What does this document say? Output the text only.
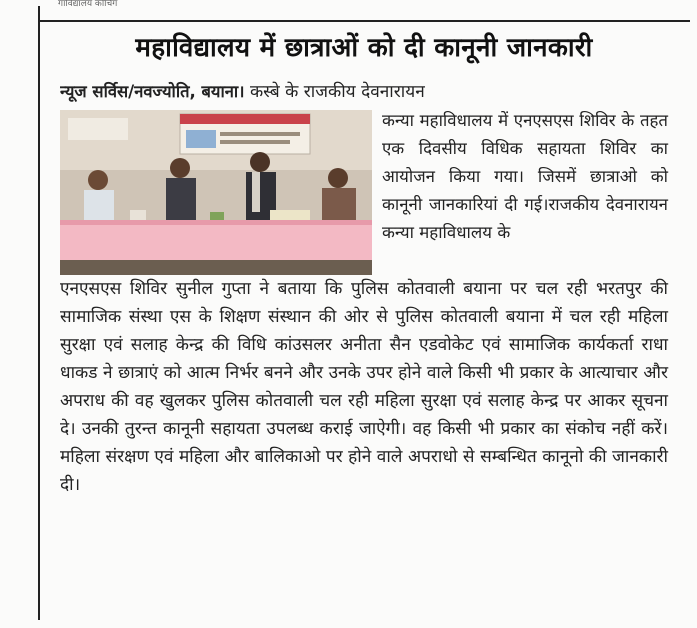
गाविद्यालय कोचिंग
महाविद्यालय में छात्राओं को दी कानूनी जानकारी
न्यूज सर्विस/नवज्योति, बयाना। कस्बे के राजकीय देवनारायन
कन्या महाविधालय में एनएसएस शिविर के तहत एक दिवसीय विधिक सहायता शिविर का आयोजन किया गया। जिसमें छात्राओ को कानूनी जानकारियां दी गई।राजकीय देवनारायन कन्या महाविधालय के
एनएसएस शिविर सुनील गुप्ता ने बताया कि पुलिस कोतवाली बयाना पर चल रही भरतपुर की सामाजिक संस्था एस के शिक्षण संस्थान की ओर से पुलिस कोतवाली बयाना में चल रही महिला सुरक्षा एवं सलाह केन्द्र की विधि कांउसलर अनीता सैन एडवोकेट एवं सामाजिक कार्यकर्ता राधा धाकड ने छात्राएं को आत्म निर्भर बनने और उनके उपर होने वाले किसी भी प्रकार के आत्याचार और अपराध की वह खुलकर पुलिस कोतवाली चल रही महिला सुरक्षा एवं सलाह केन्द्र पर आकर सूचना दे। उनकी तुरन्त कानूनी सहायता उपलब्ध कराई जाऐगी। वह किसी भी प्रकार का संकोच नहीं करें। महिला संरक्षण एवं महिला और बालिकाओ पर होने वाले अपराधो से सम्बन्धित कानूनो की जानकारी दी।
